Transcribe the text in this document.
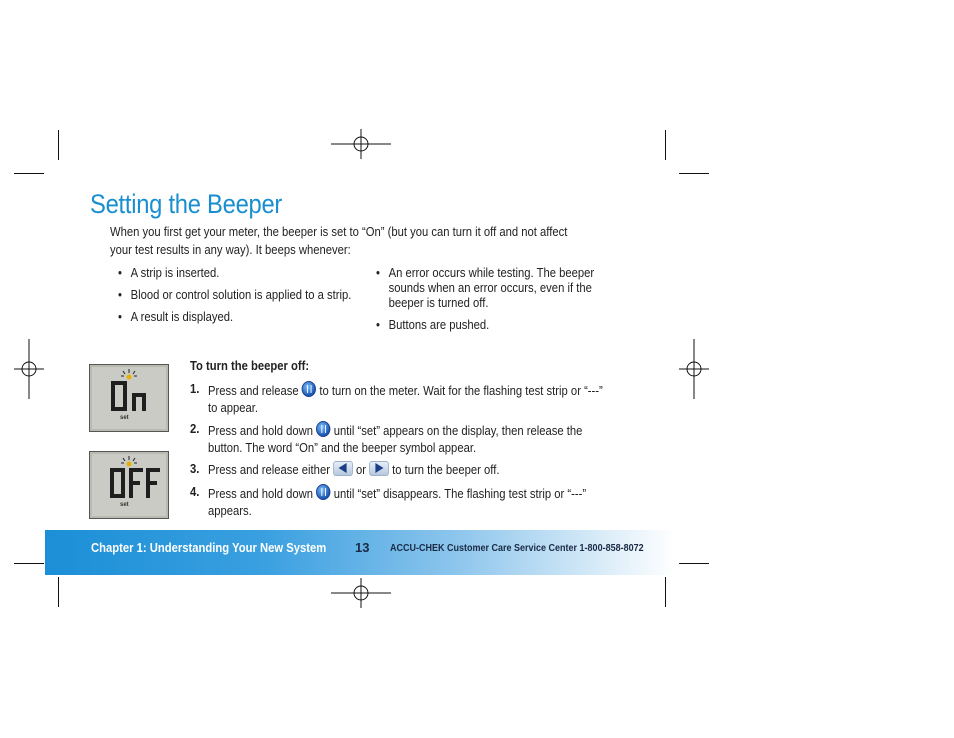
Setting the Beeper
When you first get your meter, the beeper is set to “On” (but you can turn it off and not affect your test results in any way). It beeps whenever:
• A strip is inserted.
• Blood or control solution is applied to a strip.
• A result is displayed.
• An error occurs while testing. The beeper sounds when an error occurs, even if the beeper is turned off.
• Buttons are pushed.
set
set
To turn the beeper off:
1. Press and release to turn on the meter. Wait for the flashing test strip or “---” to appear.
2. Press and hold down until “set” appears on the display, then release the button. The word “On” and the beeper symbol appear.
3. Press and release either or to turn the beeper off.
4. Press and hold down until “set” disappears. The flashing test strip or “---” appears.
Chapter 1: Understanding Your New System 13 ACCU-CHEK Customer Care Service Center 1-800-858-8072
